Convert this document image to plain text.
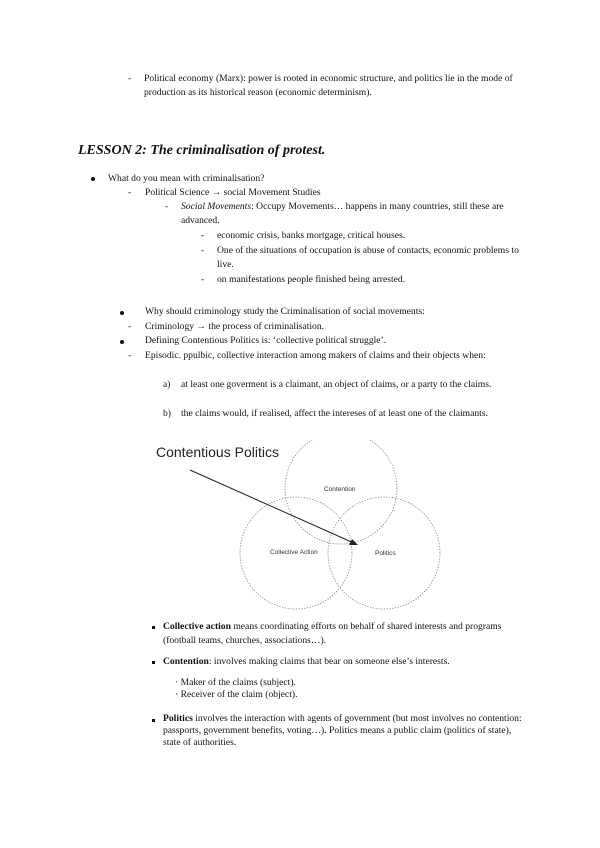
- Political economy (Marx): power is rooted in economic structure, and politics lie in the mode of production as its historical reason (economic determinism).
LESSON 2: The criminalisation of protest.
What do you mean with criminalisation?
- Political Science → social Movement Studies
- Social Movements: Occupy Movements… happens in many countries, still these are advanced.
- economic crisis, banks mortgage, critical houses.
- One of the situations of occupation is abuse of contacts, economic problems to live.
- on manifestations people finished being arrested.
Why should criminology study the Criminalisation of social movements:
- Criminology → the process of criminalisation.
Defining Contentious Politics is: ‘collective political struggle’.
- Episodic. ppulbic, collective interaction among makers of claims and their objects when:
a) at least one goverment is a claimant, an object of claims, or a party to the claims.
b) the claims would, if realised, affect the intereses of at least one of the claimants.
Contentious Politics
Contention
Collective Action	Politics
Collective action means coordinating efforts on behalf of shared interests and programs (football teams, churches, associations…).
Contention: involves making claims that bear on someone else’s interests.
· Maker of the claims (subject).
· Receiver of the claim (object).
Politics involves the interaction with agents of government (but most involves no contention: passports, government benefits, voting…). Politics means a public claim (politics of state), state of authorities.
